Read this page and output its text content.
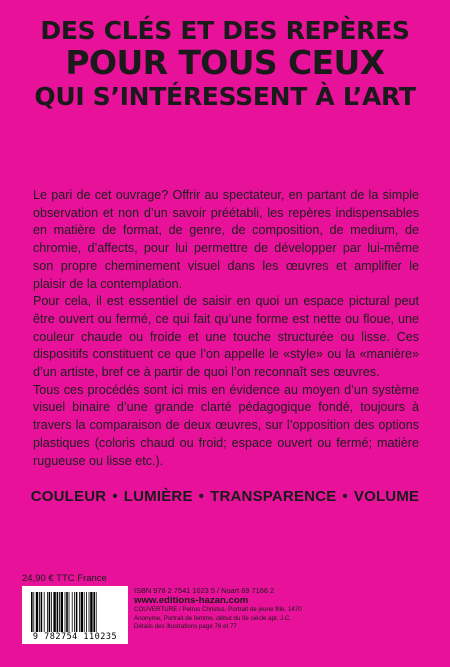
DES CLÉS ET DES REPÈRES
POUR TOUS CEUX
QUI S’INTÉRESSENT À L’ART

Le pari de cet ouvrage? Offrir au spectateur, en partant de la simple observation et non d’un savoir préétabli, les repères indispensables en matière de format, de genre, de composition, de medium, de chromie, d’affects, pour lui permettre de développer par lui-même son propre cheminement visuel dans les œuvres et amplifier le plaisir de la contemplation.

Pour cela, il est essentiel de saisir en quoi un espace pictural peut être ouvert ou fermé, ce qui fait qu’une forme est nette ou floue, une couleur chaude ou froide et une touche structurée ou lisse. Ces dispositifs constituent ce que l’on appelle le «style» ou la «manière» d’un artiste, bref ce à partir de quoi l’on reconnaît ses œuvres.

Tous ces procédés sont ici mis en évidence au moyen d’un système visuel binaire d’une grande clarté pédagogique fondé, toujours à travers la comparaison de deux œuvres, sur l’opposition des options plastiques (coloris chaud ou froid; espace ouvert ou fermé; matière rugueuse ou lisse etc.).

COULEUR • LUMIÈRE • TRANSPARENCE • VOLUME
24,90 € TTC France
9 782754 110235
ISBN 978 2 7541 1023 5 / Nuart 69 7166 2
www.editions-hazan.com
COUVERTURE / Petrus Christus, Portrait de jeune fille, 1470
Anonyme, Portrait de femme, début du IIe siècle apr. J.C.
Détails des illustrations page 76 et 77
